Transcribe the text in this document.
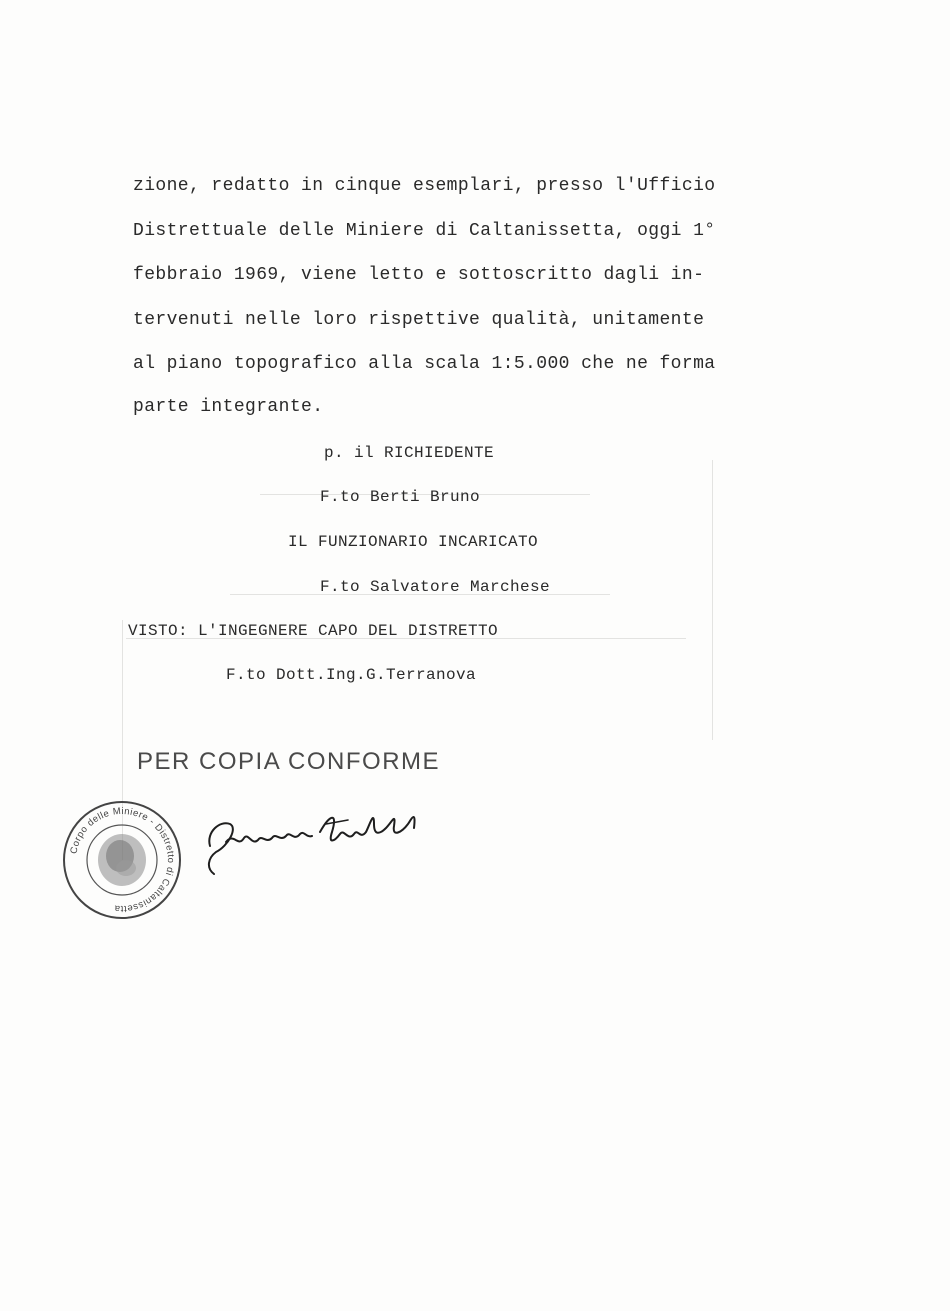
zione, redatto in cinque esemplari, presso l'Ufficio
Distrettuale delle Miniere di Caltanissetta, oggi 1°
febbraio 1969, viene letto e sottoscritto dagli in-
tervenuti nelle loro rispettive qualità, unitamente
al piano topografico alla scala 1:5.000 che ne forma
parte integrante.
p. il RICHIEDENTE
F.to Berti Bruno
IL FUNZIONARIO INCARICATO
F.to Salvatore Marchese
VISTO: L'INGEGNERE CAPO DEL DISTRETTO
F.to Dott.Ing.G.Terranova
PER COPIA CONFORME
Corpo delle Miniere - Distretto di Caltanissetta
